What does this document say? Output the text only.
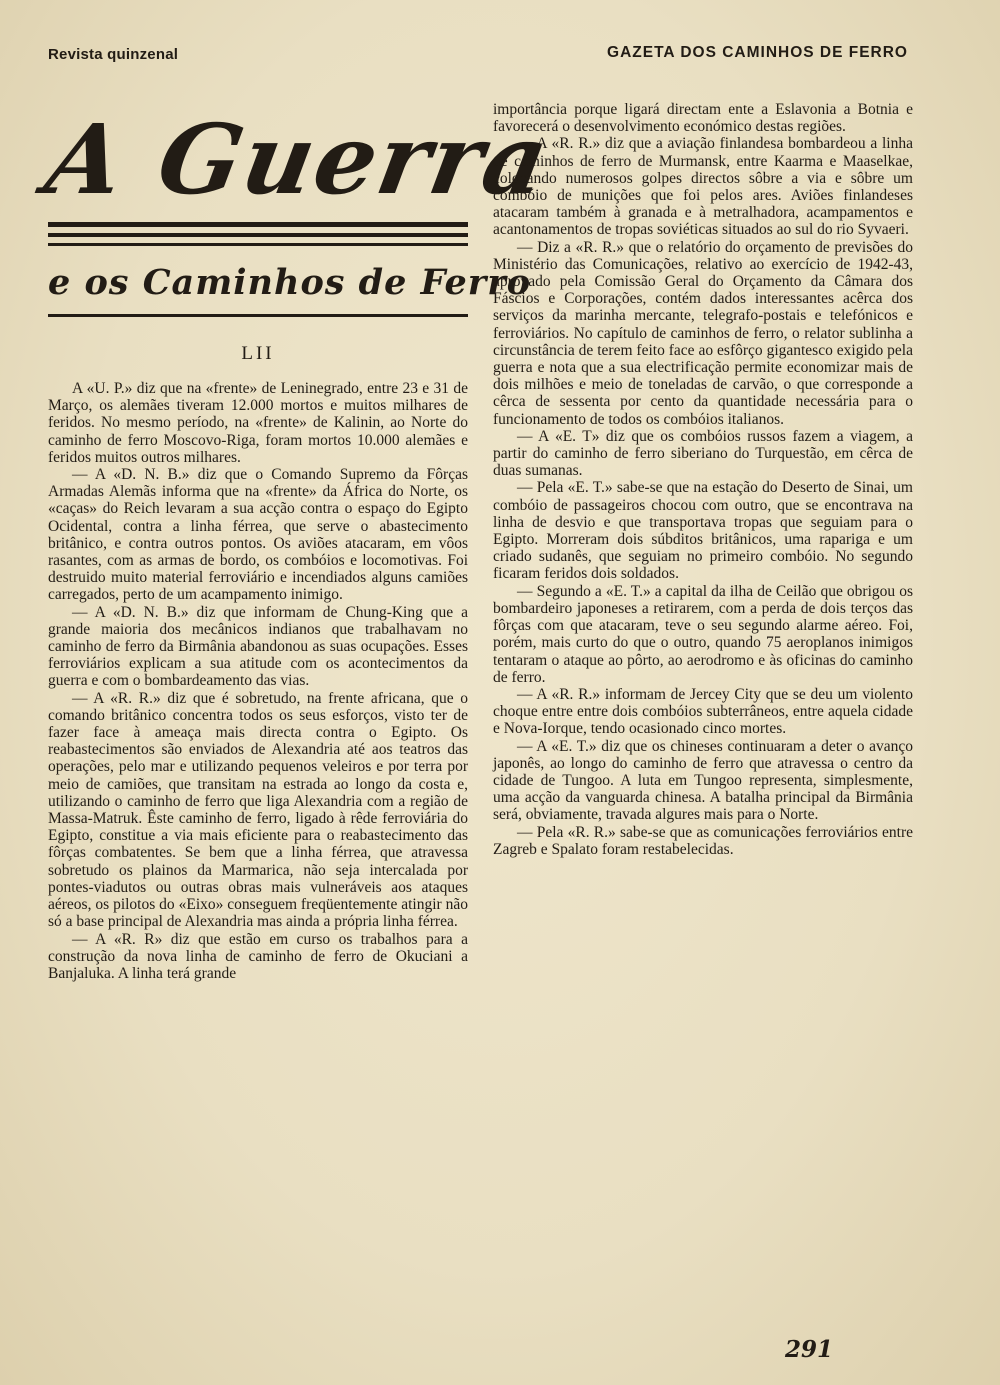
Revista quinzenal	GAZETA DOS CAMINHOS DE FERRO
A Guerra
e os Caminhos de Ferro
LII

A «U. P.» diz que na «frente» de Leninegrado, entre 23 e 31 de Março, os alemães tiveram 12.000 mortos e muitos milhares de feridos. No mesmo período, na «frente» de Kalinin, ao Norte do caminho de ferro Moscovo-Riga, foram mortos 10.000 alemães e feridos muitos outros milhares.

— A «D. N. B.» diz que o Comando Supremo da Fôrças Armadas Alemãs informa que na «frente» da África do Norte, os «caças» do Reich levaram a sua acção contra o espaço do Egipto Ocidental, contra a linha férrea, que serve o abastecimento britânico, e contra outros pontos. Os aviões atacaram, em vôos rasantes, com as armas de bordo, os combóios e locomotivas. Foi destruido muito material ferroviário e incendiados alguns camiões carregados, perto de um acampamento inimigo.

— A «D. N. B.» diz que informam de Chung-King que a grande maioria dos mecânicos indianos que trabalhavam no caminho de ferro da Birmânia abandonou as suas ocupações. Esses ferroviários explicam a sua atitude com os acontecimentos da guerra e com o bombardeamento das vias.

— A «R. R.» diz que é sobretudo, na frente africana, que o comando britânico concentra todos os seus esforços, visto ter de fazer face à ameaça mais directa contra o Egipto. Os reabastecimentos são enviados de Alexandria até aos teatros das operações, pelo mar e utilizando pequenos veleiros e por terra por meio de camiões, que transitam na estrada ao longo da costa e, utilizando o caminho de ferro que liga Alexandria com a região de Massa-Matruk. Êste caminho de ferro, ligado à rêde ferroviária do Egipto, constitue a via mais eficiente para o reabastecimento das fôrças combatentes. Se bem que a linha férrea, que atravessa sobretudo os plainos da Marmarica, não seja intercalada por pontes-viadutos ou outras obras mais vulneráveis aos ataques aéreos, os pilotos do «Eixo» conseguem freqüentemente atingir não só a base principal de Alexandria mas ainda a própria linha férrea.

— A «R. R» diz que estão em curso os trabalhos para a construção da nova linha de caminho de ferro de Okuciani a Banjaluka. A linha terá grande

importância porque ligará directam ente a Eslavonia a Botnia e favorecerá o desenvolvimento económico destas regiões.

— A «R. R.» diz que a aviação finlandesa bombardeou a linha de caminhos de ferro de Murmansk, entre Kaarma e Maaselkae, colocando numerosos golpes directos sôbre a via e sôbre um combóio de munições que foi pelos ares. Aviões finlandeses atacaram também à granada e à metralhadora, acampamentos e acantonamentos de tropas soviéticas situados ao sul do rio Syvaeri.

— Diz a «R. R.» que o relatório do orçamento de previsões do Ministério das Comunicações, relativo ao exercício de 1942-43, aprovado pela Comissão Geral do Orçamento da Câmara dos Fáscios e Corporações, contém dados interessantes acêrca dos serviços da marinha mercante, telegrafo-postais e telefónicos e ferroviários. No capítulo de caminhos de ferro, o relator sublinha a circunstância de terem feito face ao esfôrço gigantesco exigido pela guerra e nota que a sua electrificação permite economizar mais de dois milhões e meio de toneladas de carvão, o que corresponde a cêrca de sessenta por cento da quantidade necessária para o funcionamento de todos os combóios italianos.

— A «E. T» diz que os combóios russos fazem a viagem, a partir do caminho de ferro siberiano do Turquestão, em cêrca de duas sumanas.

— Pela «E. T.» sabe-se que na estação do Deserto de Sinai, um combóio de passageiros chocou com outro, que se encontrava na linha de desvio e que transportava tropas que seguiam para o Egipto. Morreram dois súbditos britânicos, uma rapariga e um criado sudanês, que seguiam no primeiro combóio. No segundo ficaram feridos dois soldados.

— Segundo a «E. T.» a capital da ilha de Ceilão que obrigou os bombardeiro japoneses a retirarem, com a perda de dois terços das fôrças com que atacaram, teve o seu segundo alarme aéreo. Foi, porém, mais curto do que o outro, quando 75 aeroplanos inimigos tentaram o ataque ao pôrto, ao aerodromo e às oficinas do caminho de ferro.

— A «R. R.» informam de Jercey City que se deu um violento choque entre entre dois combóios subterrâneos, entre aquela cidade e Nova-Iorque, tendo ocasionado cinco mortes.

— A «E. T.» diz que os chineses continuaram a deter o avanço japonês, ao longo do caminho de ferro que atravessa o centro da cidade de Tungoo. A luta em Tungoo representa, simplesmente, uma acção da vanguarda chinesa. A batalha principal da Birmânia será, obviamente, travada algures mais para o Norte.

— Pela «R. R.» sabe-se que as comunicações ferroviários entre Zagreb e Spalato foram restabelecidas.

291
